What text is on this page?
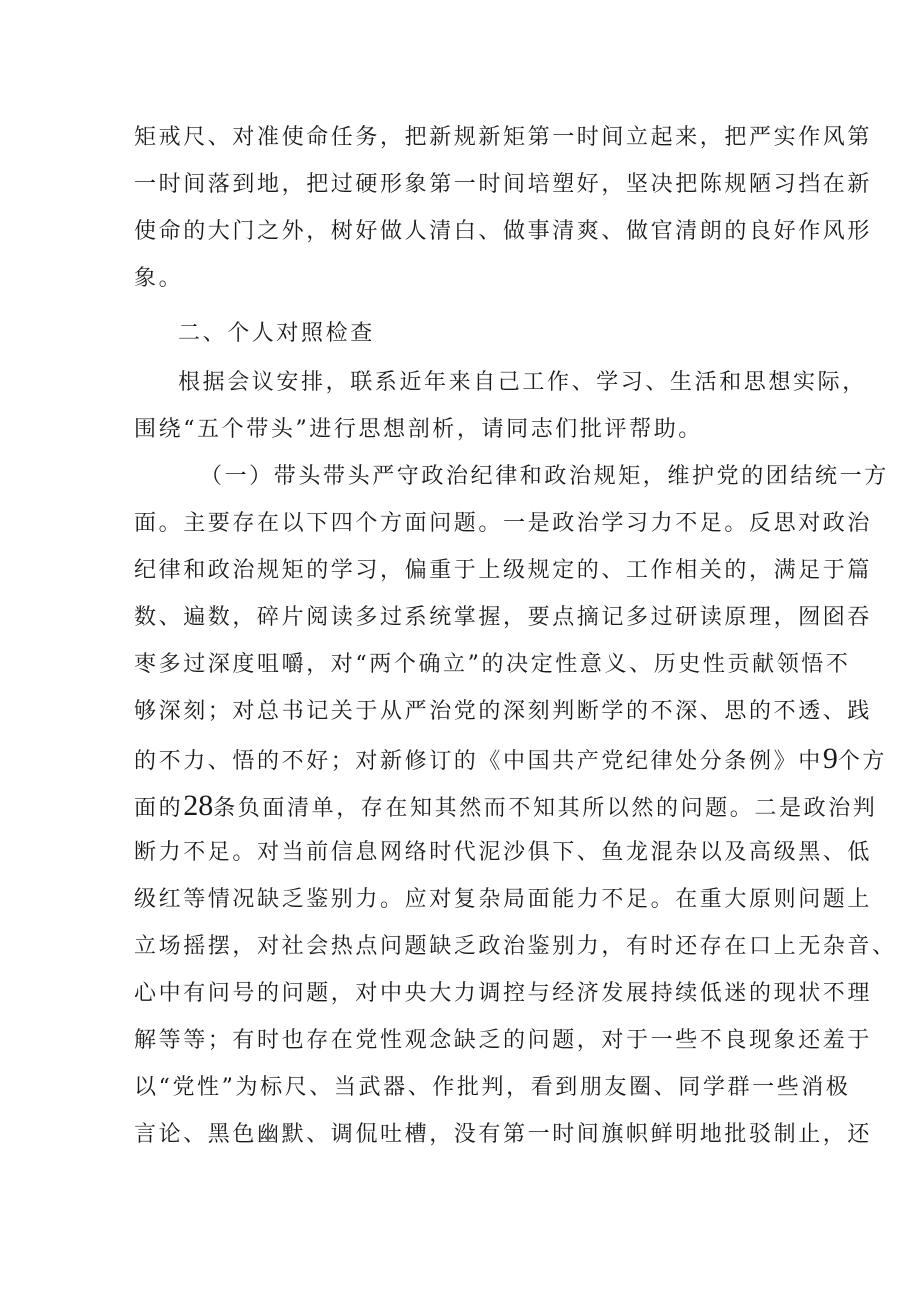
矩戒尺、对准使命任务，把新规新矩第一时间立起来，把严实作风第
一时间落到地，把过硬形象第一时间培塑好，坚决把陈规陋习挡在新
使命的大门之外，树好做人清白、做事清爽、做官清朗的良好作风形
象。
二、个人对照检查
根据会议安排，联系近年来自己工作、学习、生活和思想实际，
围绕“五个带头”进行思想剖析，请同志们批评帮助。
（一）带头带头严守政治纪律和政治规矩，维护党的团结统一方
面。主要存在以下四个方面问题。一是政治学习力不足。反思对政治
纪律和政治规矩的学习，偏重于上级规定的、工作相关的，满足于篇
数、遍数，碎片阅读多过系统掌握，要点摘记多过研读原理，囫囵吞
枣多过深度咀嚼，对“两个确立”的决定性意义、历史性贡献领悟不
够深刻；对总书记关于从严治党的深刻判断学的不深、思的不透、践
的不力、悟的不好；对新修订的《中国共产党纪律处分条例》中9个方
面的28条负面清单，存在知其然而不知其所以然的问题。二是政治判
断力不足。对当前信息网络时代泥沙俱下、鱼龙混杂以及高级黑、低
级红等情况缺乏鉴别力。应对复杂局面能力不足。在重大原则问题上
立场摇摆，对社会热点问题缺乏政治鉴别力，有时还存在口上无杂音、
心中有问号的问题，对中央大力调控与经济发展持续低迷的现状不理
解等等；有时也存在党性观念缺乏的问题，对于一些不良现象还羞于
以“党性”为标尺、当武器、作批判，看到朋友圈、同学群一些消极
言论、黑色幽默、调侃吐槽，没有第一时间旗帜鲜明地批驳制止，还
